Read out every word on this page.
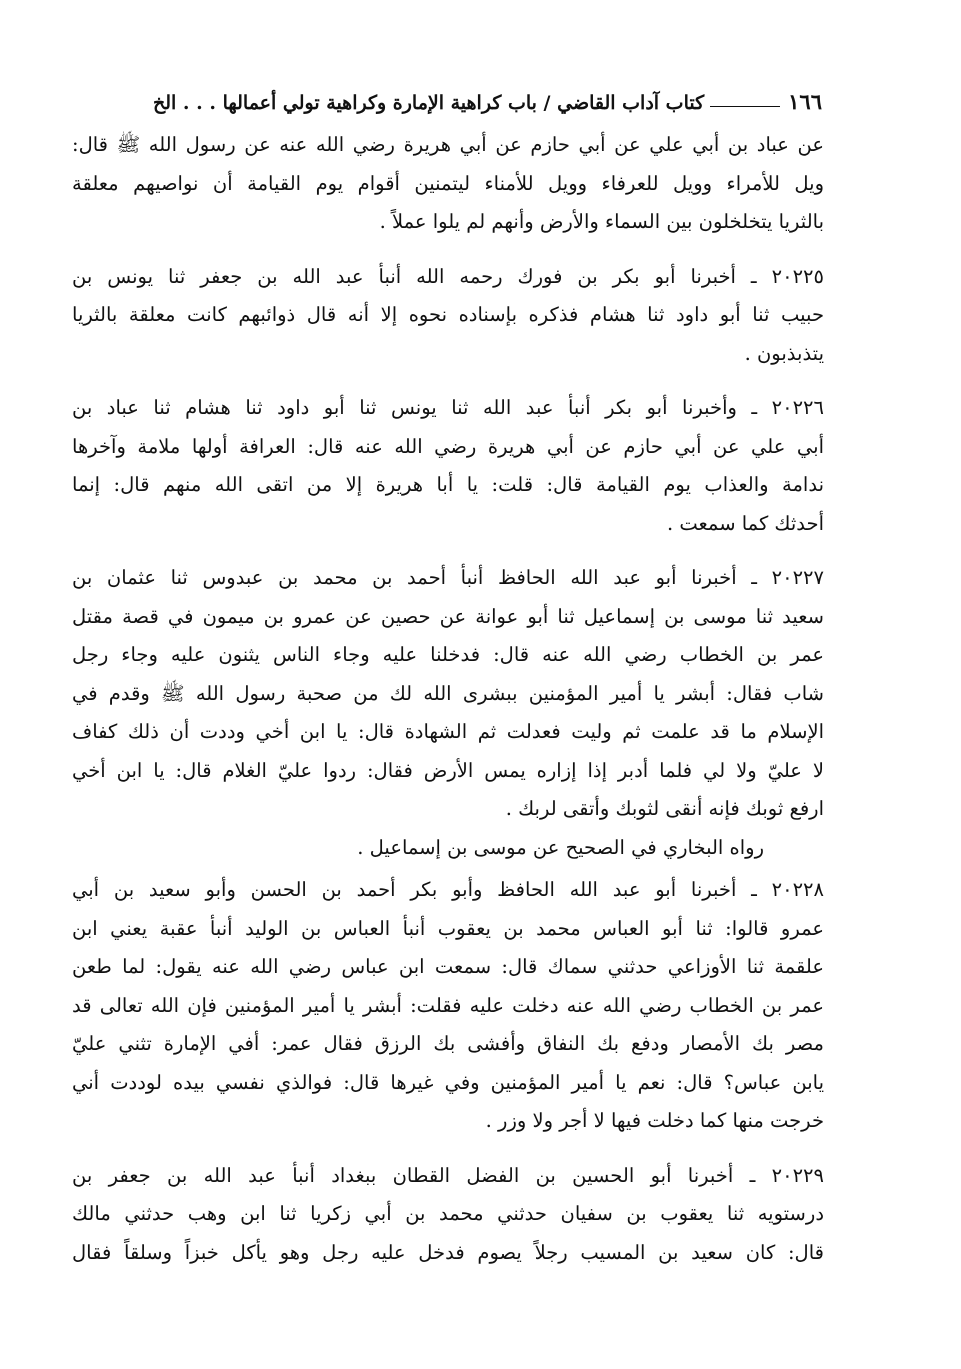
١٦٦
كتاب آداب القاضي / باب كراهية الإمارة وكراهية تولي أعمالها . . . الخ
عن عباد بن أبي علي عن أبي حازم عن أبي هريرة رضي الله عنه عن رسول الله ﷺ قال:
ويل للأمراء وويل للعرفاء وويل للأمناء ليتمنين أقوام يوم القيامة أن نواصيهم معلقة
بالثريا يتخلخلون بين السماء والأرض وأنهم لم يلوا عملاً .
٢٠٢٢٥ ـ أخبرنا أبو بكر بن فورك رحمه الله أنبأ عبد الله بن جعفر ثنا يونس بن
حبيب ثنا أبو داود ثنا هشام فذكره بإسناده نحوه إلا أنه قال ذوائبهم كانت معلقة بالثريا
يتذبذبون .
٢٠٢٢٦ ـ وأخبرنا أبو بكر أنبأ عبد الله ثنا يونس ثنا أبو داود ثنا هشام ثنا عباد بن
أبي علي عن أبي حازم عن أبي هريرة رضي الله عنه قال: العرافة أولها ملامة وآخرها
ندامة والعذاب يوم القيامة قال: قلت: يا أبا هريرة إلا من اتقى الله منهم قال: إنما
أحدثك كما سمعت .
٢٠٢٢٧ ـ أخبرنا أبو عبد الله الحافظ أنبأ أحمد بن محمد بن عبدوس ثنا عثمان بن
سعيد ثنا موسى بن إسماعيل ثنا أبو عوانة عن حصين عن عمرو بن ميمون في قصة مقتل
عمر بن الخطاب رضي الله عنه قال: فدخلنا عليه وجاء الناس يثنون عليه وجاء رجل
شاب فقال: أبشر يا أمير المؤمنين ببشرى الله لك من صحبة رسول الله ﷺ وقدم في
الإسلام ما قد علمت ثم وليت فعدلت ثم الشهادة قال: يا ابن أخي وددت أن ذلك كفاف
لا عليّ ولا لي فلما أدبر إذا إزاره يمس الأرض فقال: ردوا عليّ الغلام قال: يا ابن أخي
ارفع ثوبك فإنه أنقى لثوبك وأتقى لربك .
رواه البخاري في الصحيح عن موسى بن إسماعيل .
٢٠٢٢٨ ـ أخبرنا أبو عبد الله الحافظ وأبو بكر أحمد بن الحسن وأبو سعيد بن أبي
عمرو قالوا: ثنا أبو العباس محمد بن يعقوب أنبأ العباس بن الوليد أنبأ عقبة يعني ابن
علقمة ثنا الأوزاعي حدثني سماك قال: سمعت ابن عباس رضي الله عنه يقول: لما طعن
عمر بن الخطاب رضي الله عنه دخلت عليه فقلت: أبشر يا أمير المؤمنين فإن الله تعالى قد
مصر بك الأمصار ودفع بك النفاق وأفشى بك الرزق فقال عمر: أفي الإمارة تثني عليّ
يابن عباس؟ قال: نعم يا أمير المؤمنين وفي غيرها قال: فوالذي نفسي بيده لوددت أني
خرجت منها كما دخلت فيها لا أجر ولا وزر .
٢٠٢٢٩ ـ أخبرنا أبو الحسين بن الفضل القطان ببغداد أنبأ عبد الله بن جعفر بن
درستويه ثنا يعقوب بن سفيان حدثني محمد بن أبي زكريا ثنا ابن وهب حدثني مالك
قال: كان سعيد بن المسيب رجلاً يصوم فدخل عليه رجل وهو يأكل خبزاً وسلقاً فقال
